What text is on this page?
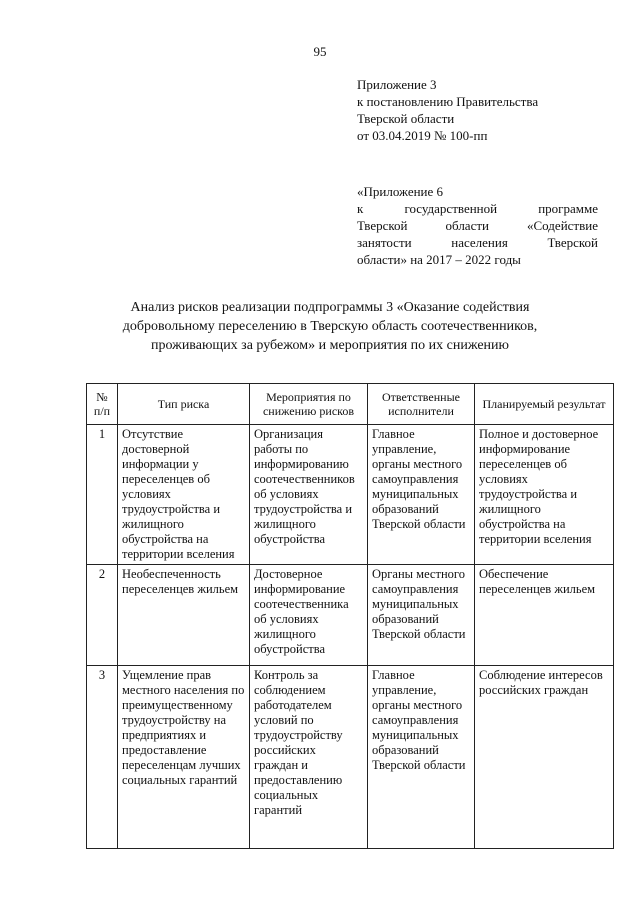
95
Приложение 3
к постановлению Правительства
Тверской области
от 03.04.2019 № 100-пп
«Приложение 6
к	государственной	программе
Тверской	области	«Содействие
занятости	населения	Тверской
области» на 2017 – 2022 годы
Анализ рисков реализации подпрограммы 3 «Оказание содействия
добровольному переселению в Тверскую область соотечественников,
проживающих за рубежом» и мероприятия по их снижению
№ п/п	Тип риска	Мероприятия по снижению рисков	Ответственные исполнители	Планируемый результат
1	Отсутствие достоверной информации у переселенцев об условиях трудоустройства и жилищного обустройства на территории вселения	Организация работы по информированию соотечественников об условиях трудоустройства и жилищного обустройства	Главное управление, органы местного самоуправления муниципальных образований Тверской области	Полное и достоверное информирование переселенцев об условиях трудоустройства и жилищного обустройства на территории вселения
2	Необеспеченность переселенцев жильем	Достоверное информирование соотечественника об условиях жилищного обустройства	Органы местного самоуправления муниципальных образований Тверской области	Обеспечение переселенцев жильем
3	Ущемление прав местного населения по преимущественному трудоустройству на предприятиях и предоставление переселенцам лучших социальных гарантий	Контроль за соблюдением работодателем условий по трудоустройству российских граждан и предоставлению социальных гарантий	Главное управление, органы местного самоуправления муниципальных образований Тверской области	Соблюдение интересов российских граждан
